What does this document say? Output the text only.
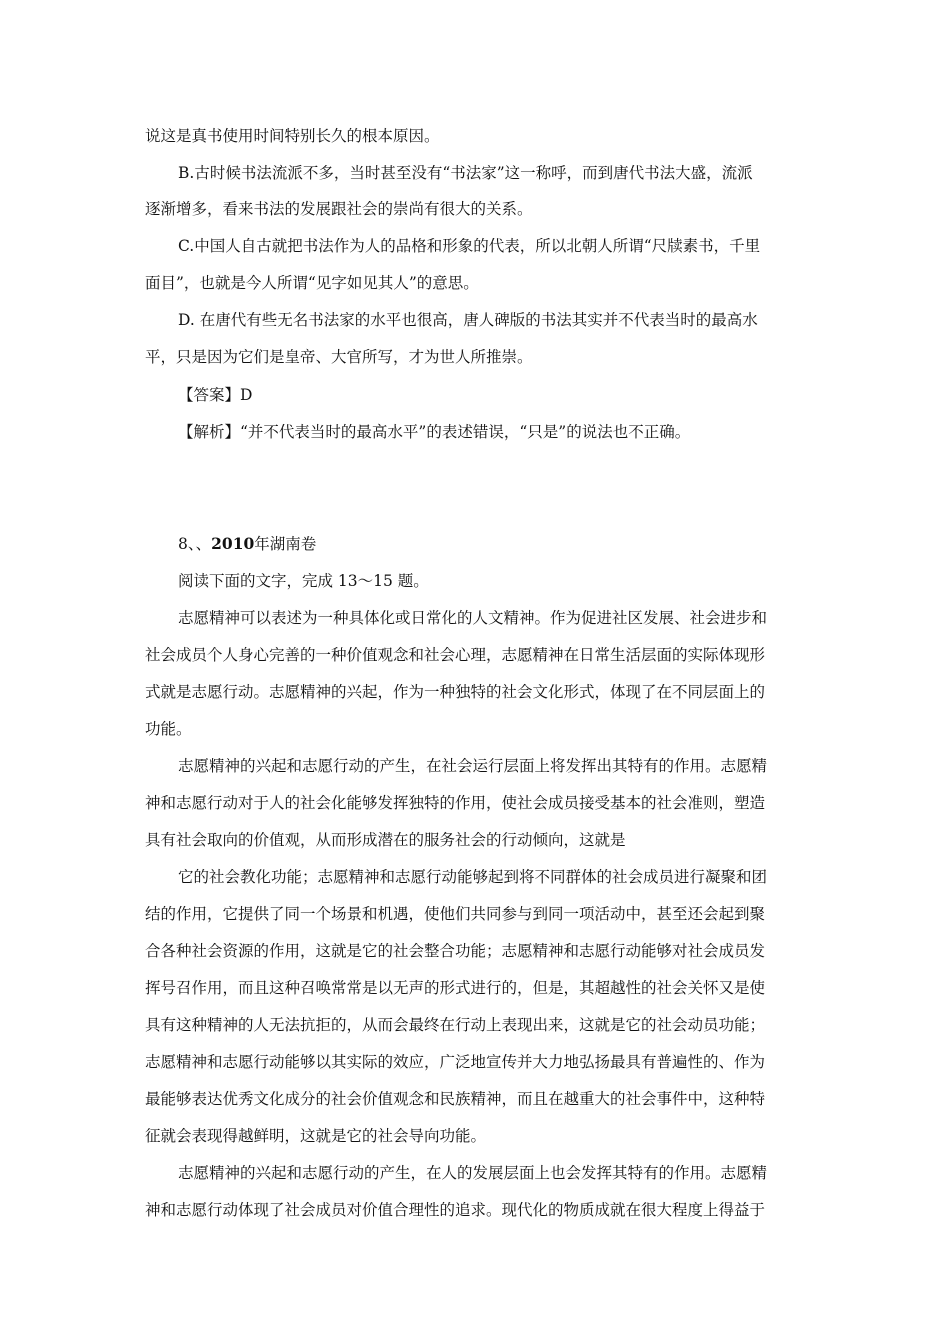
说这是真书使用时间特别长久的根本原因。
B.古时候书法流派不多，当时甚至没有“书法家”这一称呼，而到唐代书法大盛，流派
逐渐增多，看来书法的发展跟社会的崇尚有很大的关系。
C.中国人自古就把书法作为人的品格和形象的代表，所以北朝人所谓“尺牍素书，千里
面目”，也就是今人所谓“见字如见其人”的意思。
D. 在唐代有些无名书法家的水平也很高，唐人碑版的书法其实并不代表当时的最高水
平，只是因为它们是皇帝、大官所写，才为世人所推崇。
【答案】D
【解析】“并不代表当时的最高水平”的表述错误，“只是”的说法也不正确。
8、、2010年湖南卷
阅读下面的文字，完成 13～15 题。
志愿精神可以表述为一种具体化或日常化的人文精神。作为促进社区发展、社会进步和
社会成员个人身心完善的一种价值观念和社会心理，志愿精神在日常生活层面的实际体现形
式就是志愿行动。志愿精神的兴起，作为一种独特的社会文化形式，体现了在不同层面上的
功能。
志愿精神的兴起和志愿行动的产生，在社会运行层面上将发挥出其特有的作用。志愿精
神和志愿行动对于人的社会化能够发挥独特的作用，使社会成员接受基本的社会准则，塑造
具有社会取向的价值观，从而形成潜在的服务社会的行动倾向，这就是
它的社会教化功能；志愿精神和志愿行动能够起到将不同群体的社会成员进行凝聚和团
结的作用，它提供了同一个场景和机遇，使他们共同参与到同一项活动中，甚至还会起到聚
合各种社会资源的作用，这就是它的社会整合功能；志愿精神和志愿行动能够对社会成员发
挥号召作用，而且这种召唤常常是以无声的形式进行的，但是，其超越性的社会关怀又是使
具有这种精神的人无法抗拒的，从而会最终在行动上表现出来，这就是它的社会动员功能；
志愿精神和志愿行动能够以其实际的效应，广泛地宣传并大力地弘扬最具有普遍性的、作为
最能够表达优秀文化成分的社会价值观念和民族精神，而且在越重大的社会事件中，这种特
征就会表现得越鲜明，这就是它的社会导向功能。
志愿精神的兴起和志愿行动的产生，在人的发展层面上也会发挥其特有的作用。志愿精
神和志愿行动体现了社会成员对价值合理性的追求。现代化的物质成就在很大程度上得益于
